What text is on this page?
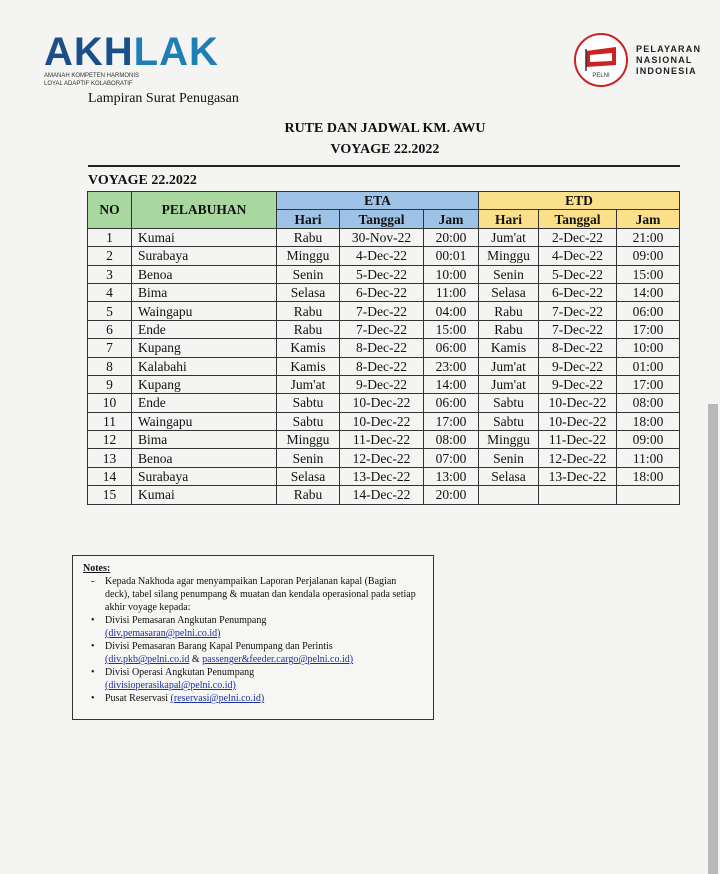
AKHLAK
AMANAH KOMPETEN HARMONIS
LOYAL ADAPTIF KOLABORATIF
Lampiran Surat Penugasan
PELNI
PELAYARAN
NASIONAL
INDONESIA
RUTE DAN JADWAL KM. AWU
VOYAGE 22.2022
VOYAGE 22.2022
NO	PELABUHAN	ETA			ETD		
		Hari	Tanggal	Jam	Hari	Tanggal	Jam
1	Kumai	Rabu	30-Nov-22	20:00	Jum'at	2-Dec-22	21:00
2	Surabaya	Minggu	4-Dec-22	00:01	Minggu	4-Dec-22	09:00
3	Benoa	Senin	5-Dec-22	10:00	Senin	5-Dec-22	15:00
4	Bima	Selasa	6-Dec-22	11:00	Selasa	6-Dec-22	14:00
5	Waingapu	Rabu	7-Dec-22	04:00	Rabu	7-Dec-22	06:00
6	Ende	Rabu	7-Dec-22	15:00	Rabu	7-Dec-22	17:00
7	Kupang	Kamis	8-Dec-22	06:00	Kamis	8-Dec-22	10:00
8	Kalabahi	Kamis	8-Dec-22	23:00	Jum'at	9-Dec-22	01:00
9	Kupang	Jum'at	9-Dec-22	14:00	Jum'at	9-Dec-22	17:00
10	Ende	Sabtu	10-Dec-22	06:00	Sabtu	10-Dec-22	08:00
11	Waingapu	Sabtu	10-Dec-22	17:00	Sabtu	10-Dec-22	18:00
12	Bima	Minggu	11-Dec-22	08:00	Minggu	11-Dec-22	09:00
13	Benoa	Senin	12-Dec-22	07:00	Senin	12-Dec-22	11:00
14	Surabaya	Selasa	13-Dec-22	13:00	Selasa	13-Dec-22	18:00
15	Kumai	Rabu	14-Dec-22	20:00			
Notes:
- Kepada Nakhoda agar menyampaikan Laporan Perjalanan kapal (Bagian deck), tabel silang penumpang & muatan dan kendala operasional pada setiap akhir voyage kepada:
• Divisi Pemasaran Angkutan Penumpang
(div.pemasaran@pelni.co.id)
• Divisi Pemasaran Barang Kapal Penumpang dan Perintis
(div.pkb@pelni.co.id & passenger&feeder.cargo@pelni.co.id)
• Divisi Operasi Angkutan Penumpang
(divisioperasikapal@pelni.co.id)
• Pusat Reservasi (reservasi@pelni.co.id)
